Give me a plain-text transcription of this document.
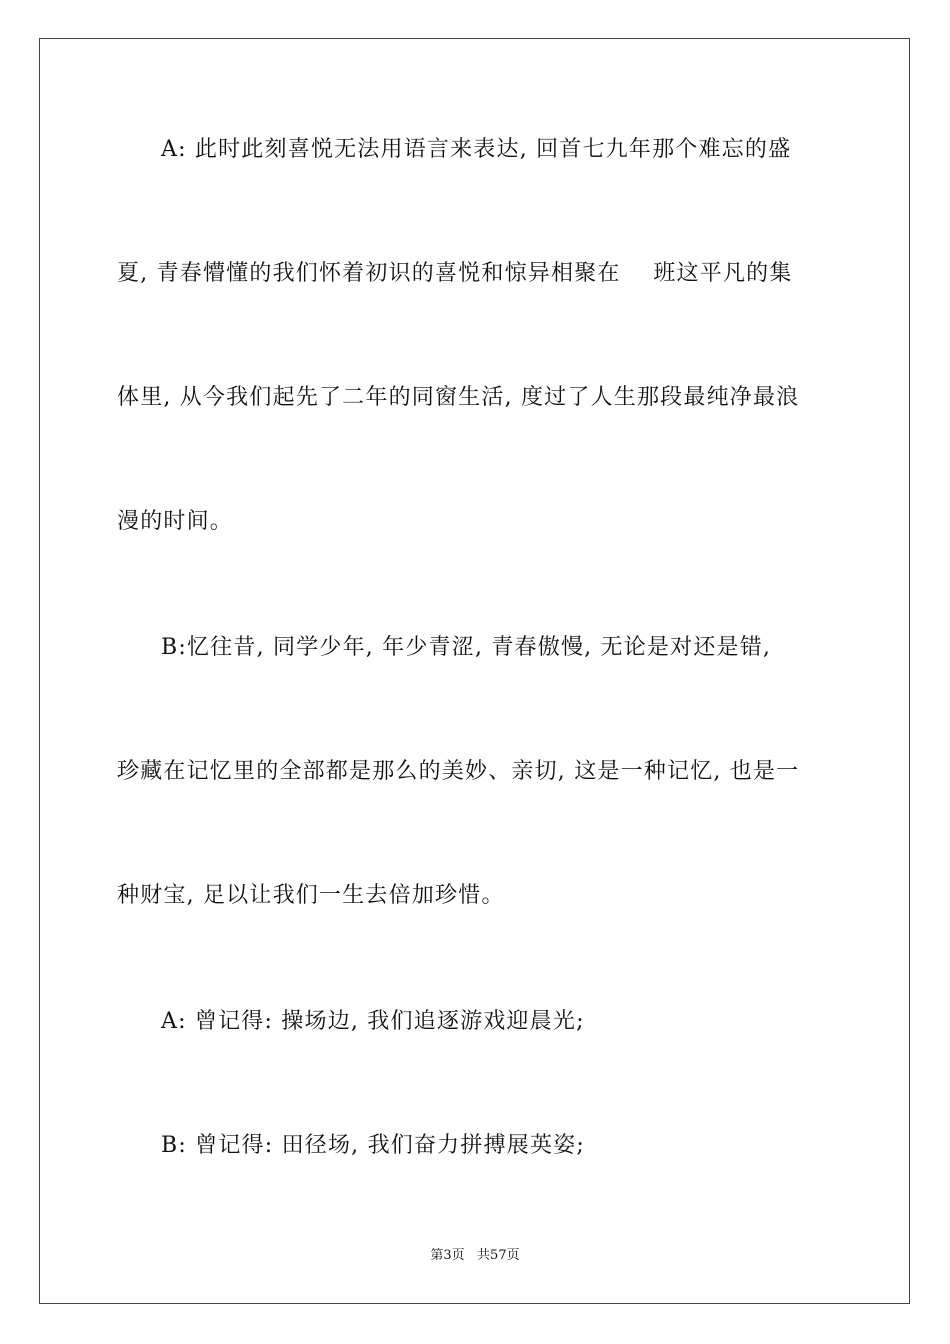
A: 此时此刻喜悦无法用语言来表达, 回首七九年那个难忘的盛
夏, 青春懵懂的我们怀着初识的喜悦和惊异相聚在    班这平凡的集
体里, 从今我们起先了二年的同窗生活, 度过了人生那段最纯净最浪
漫的时间。
B:忆往昔, 同学少年, 年少青涩, 青春傲慢, 无论是对还是错,
珍藏在记忆里的全部都是那么的美妙、亲切, 这是一种记忆, 也是一
种财宝, 足以让我们一生去倍加珍惜。
A: 曾记得: 操场边, 我们追逐游戏迎晨光;
B: 曾记得: 田径场, 我们奋力拼搏展英姿;
第3页   共57页
